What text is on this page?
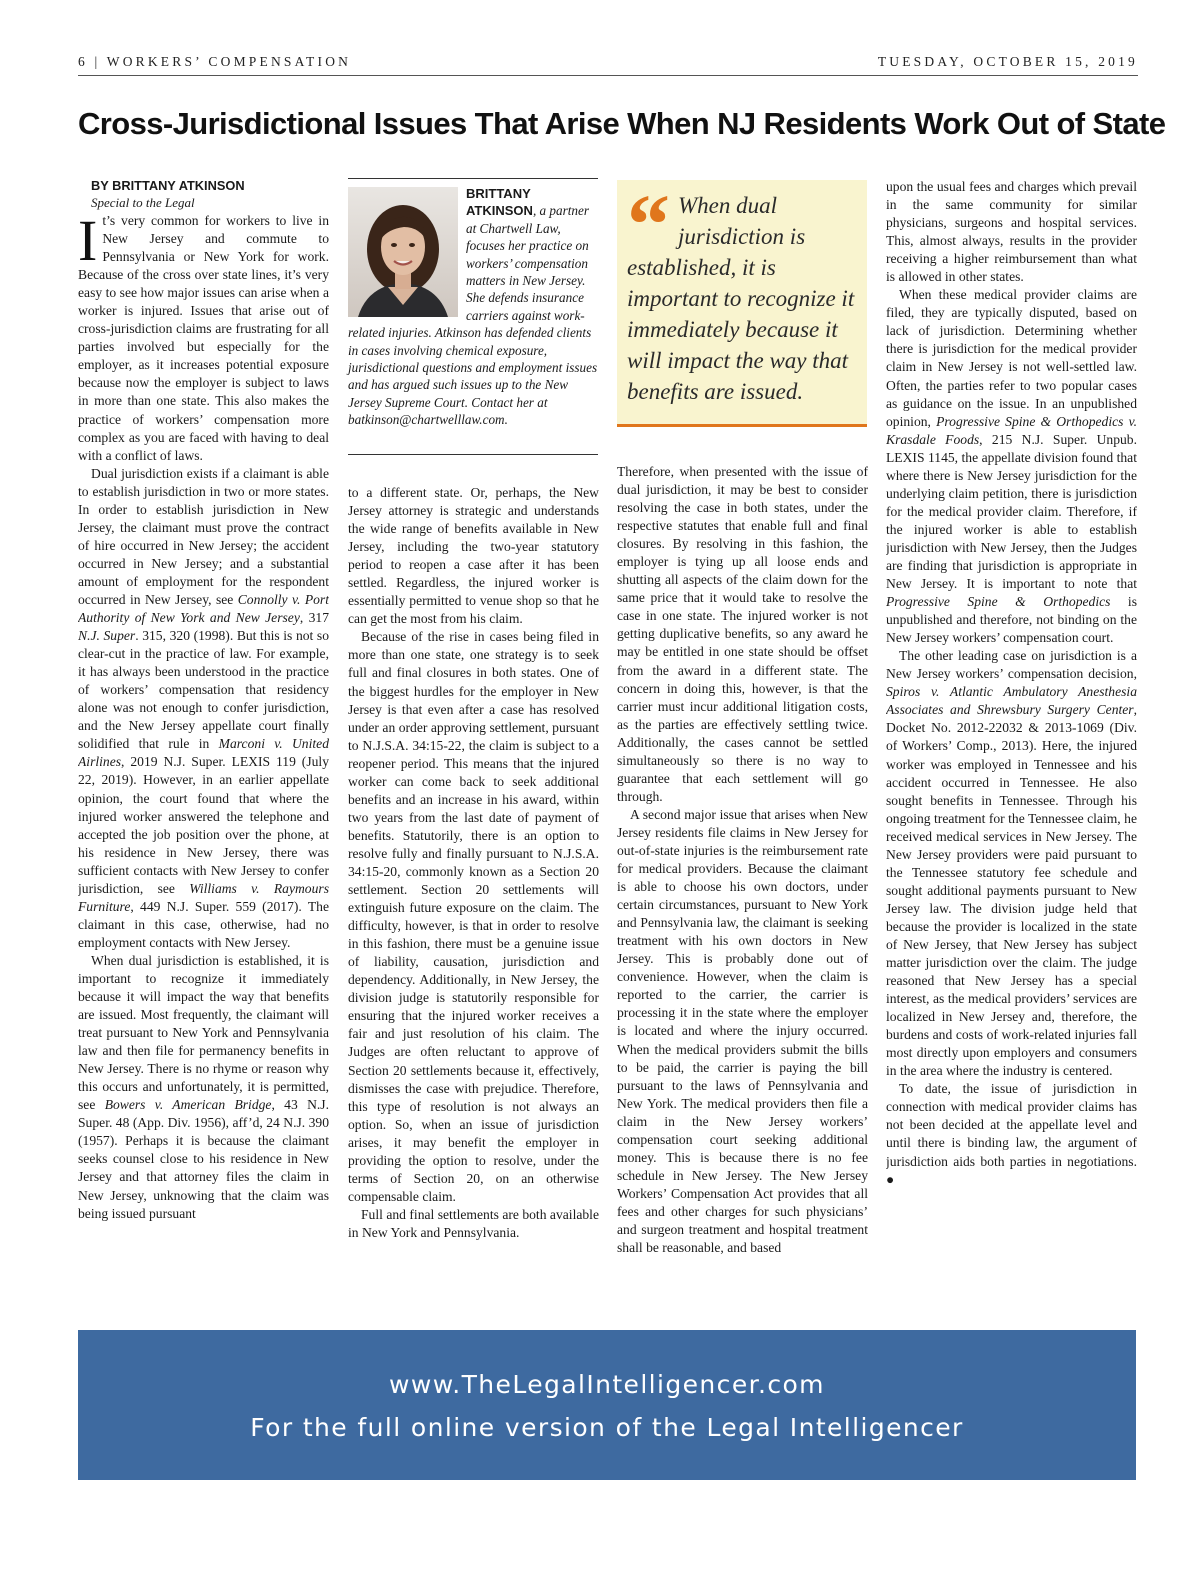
6 | WORKERS’ COMPENSATION	TUESDAY, OCTOBER 15, 2019
Cross-Jurisdictional Issues That Arise When NJ Residents Work Out of State

BY BRITTANY ATKINSON

Special to the Legal

It’s very common for workers to live in New Jersey and commute to Pennsylvania or New York for work. Because of the cross over state lines, it’s very easy to see how major issues can arise when a worker is injured. Issues that arise out of cross-jurisdiction claims are frustrating for all parties involved but especially for the employer, as it increases potential exposure because now the employer is subject to laws in more than one state. This also makes the practice of workers’ compensation more complex as you are faced with having to deal with a conflict of laws.

Dual jurisdiction exists if a claimant is able to establish jurisdiction in two or more states. In order to establish jurisdiction in New Jersey, the claimant must prove the contract of hire occurred in New Jersey; the accident occurred in New Jersey; and a substantial amount of employment for the respondent occurred in New Jersey, see Connolly v. Port Authority of New York and New Jersey, 317 N.J. Super. 315, 320 (1998). But this is not so clear-cut in the practice of law. For example, it has always been understood in the practice of workers’ compensation that residency alone was not enough to confer jurisdiction, and the New Jersey appellate court finally solidified that rule in Marconi v. United Airlines, 2019 N.J. Super. LEXIS 119 (July 22, 2019). However, in an earlier appellate opinion, the court found that where the injured worker answered the telephone and accepted the job position over the phone, at his residence in New Jersey, there was sufficient contacts with New Jersey to confer jurisdiction, see Williams v. Raymours Furniture, 449 N.J. Super. 559 (2017). The claimant in this case, otherwise, had no employment contacts with New Jersey.

When dual jurisdiction is established, it is important to recognize it immediately because it will impact the way that benefits are issued. Most frequently, the claimant will treat pursuant to New York and Pennsylvania law and then file for permanency benefits in New Jersey. There is no rhyme or reason why this occurs and unfortunately, it is permitted, see Bowers v. American Bridge, 43 N.J. Super. 48 (App. Div. 1956), aff’d, 24 N.J. 390 (1957). Perhaps it is because the claimant seeks counsel close to his residence in New Jersey and that attorney files the claim in New Jersey, unknowing that the claim was being issued pursuant

BRITTANY ATKINSON, a partner at Chartwell Law, focuses her practice on workers’ compensation matters in New Jersey. She defends insurance carriers against work-related injuries. Atkinson has defended clients in cases involving chemical exposure, jurisdictional questions and employment issues and has argued such issues up to the New Jersey Supreme Court. Contact her at batkinson@chartwelllaw.com.

to a different state. Or, perhaps, the New Jersey attorney is strategic and understands the wide range of benefits available in New Jersey, including the two-year statutory period to reopen a case after it has been settled. Regardless, the injured worker is essentially permitted to venue shop so that he can get the most from his claim.

Because of the rise in cases being filed in more than one state, one strategy is to seek full and final closures in both states. One of the biggest hurdles for the employer in New Jersey is that even after a case has resolved under an order approving settlement, pursuant to N.J.S.A. 34:15-22, the claim is subject to a reopener period. This means that the injured worker can come back to seek additional benefits and an increase in his award, within two years from the last date of payment of benefits. Statutorily, there is an option to resolve fully and finally pursuant to N.J.S.A. 34:15-20, commonly known as a Section 20 settlement. Section 20 settlements will extinguish future exposure on the claim. The difficulty, however, is that in order to resolve in this fashion, there must be a genuine issue of liability, causation, jurisdiction and dependency. Additionally, in New Jersey, the division judge is statutorily responsible for ensuring that the injured worker receives a fair and just resolution of his claim. The Judges are often reluctant to approve of Section 20 settlements because it, effectively, dismisses the case with prejudice. Therefore, this type of resolution is not always an option. So, when an issue of jurisdiction arises, it may benefit the employer in providing the option to resolve, under the terms of Section 20, on an otherwise compensable claim.

Full and final settlements are both available in New York and Pennsylvania.

“ When dual jurisdiction is established, it is important to recognize it immediately because it will impact the way that benefits are issued.

Therefore, when presented with the issue of dual jurisdiction, it may be best to consider resolving the case in both states, under the respective statutes that enable full and final closures. By resolving in this fashion, the employer is tying up all loose ends and shutting all aspects of the claim down for the same price that it would take to resolve the case in one state. The injured worker is not getting duplicative benefits, so any award he may be entitled in one state should be offset from the award in a different state. The concern in doing this, however, is that the carrier must incur additional litigation costs, as the parties are effectively settling twice. Additionally, the cases cannot be settled simultaneously so there is no way to guarantee that each settlement will go through.

A second major issue that arises when New Jersey residents file claims in New Jersey for out-of-state injuries is the reimbursement rate for medical providers. Because the claimant is able to choose his own doctors, under certain circumstances, pursuant to New York and Pennsylvania law, the claimant is seeking treatment with his own doctors in New Jersey. This is probably done out of convenience. However, when the claim is reported to the carrier, the carrier is processing it in the state where the employer is located and where the injury occurred. When the medical providers submit the bills to be paid, the carrier is paying the bill pursuant to the laws of Pennsylvania and New York. The medical providers then file a claim in the New Jersey workers’ compensation court seeking additional money. This is because there is no fee schedule in New Jersey. The New Jersey Workers’ Compensation Act provides that all fees and other charges for such physicians’ and surgeon treatment and hospital treatment shall be reasonable, and based

upon the usual fees and charges which prevail in the same community for similar physicians, surgeons and hospital services. This, almost always, results in the provider receiving a higher reimbursement than what is allowed in other states.

When these medical provider claims are filed, they are typically disputed, based on lack of jurisdiction. Determining whether there is jurisdiction for the medical provider claim in New Jersey is not well-settled law. Often, the parties refer to two popular cases as guidance on the issue. In an unpublished opinion, Progressive Spine & Orthopedics v. Krasdale Foods, 215 N.J. Super. Unpub. LEXIS 1145, the appellate division found that where there is New Jersey jurisdiction for the underlying claim petition, there is jurisdiction for the medical provider claim. Therefore, if the injured worker is able to establish jurisdiction with New Jersey, then the Judges are finding that jurisdiction is appropriate in New Jersey. It is important to note that Progressive Spine & Orthopedics is unpublished and therefore, not binding on the New Jersey workers’ compensation court.

The other leading case on jurisdiction is a New Jersey workers’ compensation decision, Spiros v. Atlantic Ambulatory Anesthesia Associates and Shrewsbury Surgery Center, Docket No. 2012-22032 & 2013-1069 (Div. of Workers’ Comp., 2013). Here, the injured worker was employed in Tennessee and his accident occurred in Tennessee. He also sought benefits in Tennessee. Through his ongoing treatment for the Tennessee claim, he received medical services in New Jersey. The New Jersey providers were paid pursuant to the Tennessee statutory fee schedule and sought additional payments pursuant to New Jersey law. The division judge held that because the provider is localized in the state of New Jersey, that New Jersey has subject matter jurisdiction over the claim. The judge reasoned that New Jersey has a special interest, as the medical providers’ services are localized in New Jersey and, therefore, the burdens and costs of work-related injuries fall most directly upon employers and consumers in the area where the industry is centered.

To date, the issue of jurisdiction in connection with medical provider claims has not been decided at the appellate level and until there is binding law, the argument of jurisdiction aids both parties in negotiations. ●

www.TheLegalIntelligencer.com
For the full online version of the Legal Intelligencer
